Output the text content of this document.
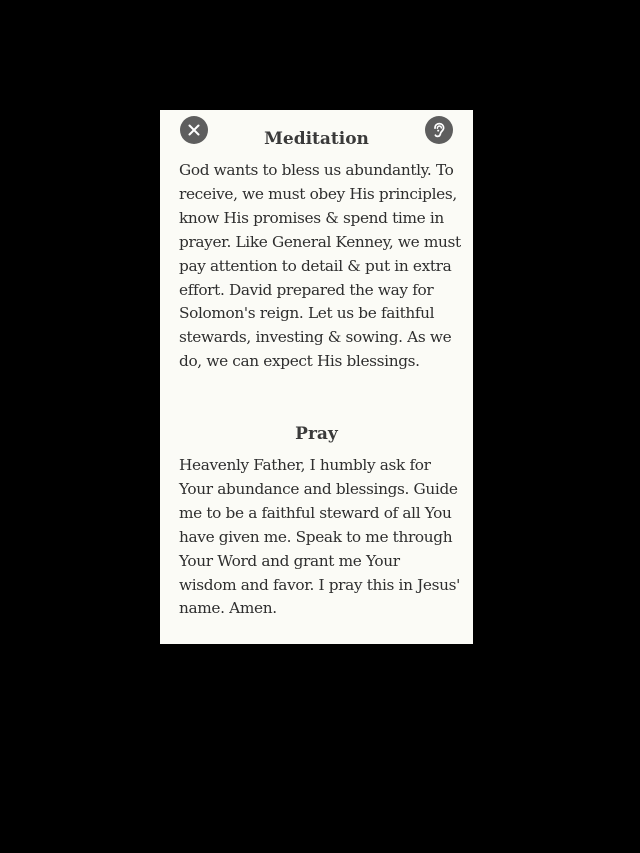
Meditation

God wants to bless us abundantly. To receive, we must obey His principles, know His promises & spend time in prayer. Like General Kenney, we must pay attention to detail & put in extra effort. David prepared the way for Solomon's reign. Let us be faithful stewards, investing & sowing. As we do, we can expect His blessings.

Pray

Heavenly Father, I humbly ask for Your abundance and blessings. Guide me to be a faithful steward of all You have given me. Speak to me through Your Word and grant me Your wisdom and favor. I pray this in Jesus' name. Amen.
